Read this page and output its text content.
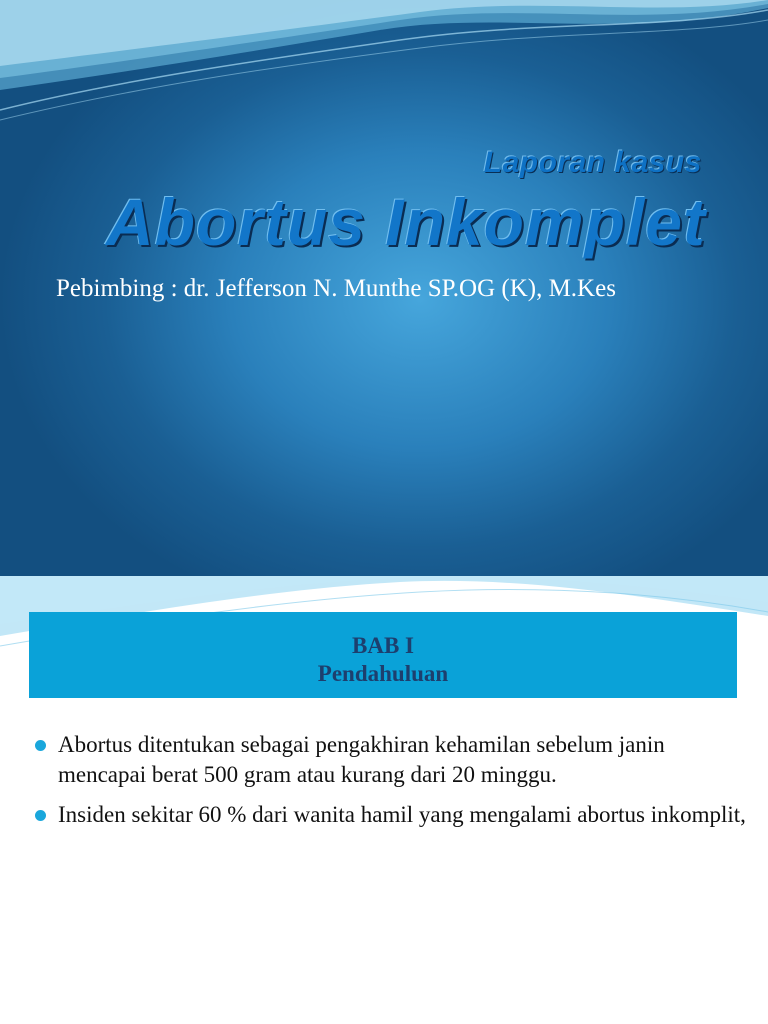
Laporan kasus
Abortus Inkomplet
Pebimbing : dr. Jefferson N. Munthe SP.OG (K), M.Kes
BAB I
Pendahuluan
Abortus ditentukan sebagai pengakhiran kehamilan sebelum janin mencapai berat 500 gram atau kurang dari 20 minggu.
Insiden sekitar 60 % dari wanita hamil yang mengalami abortus inkomplit,
